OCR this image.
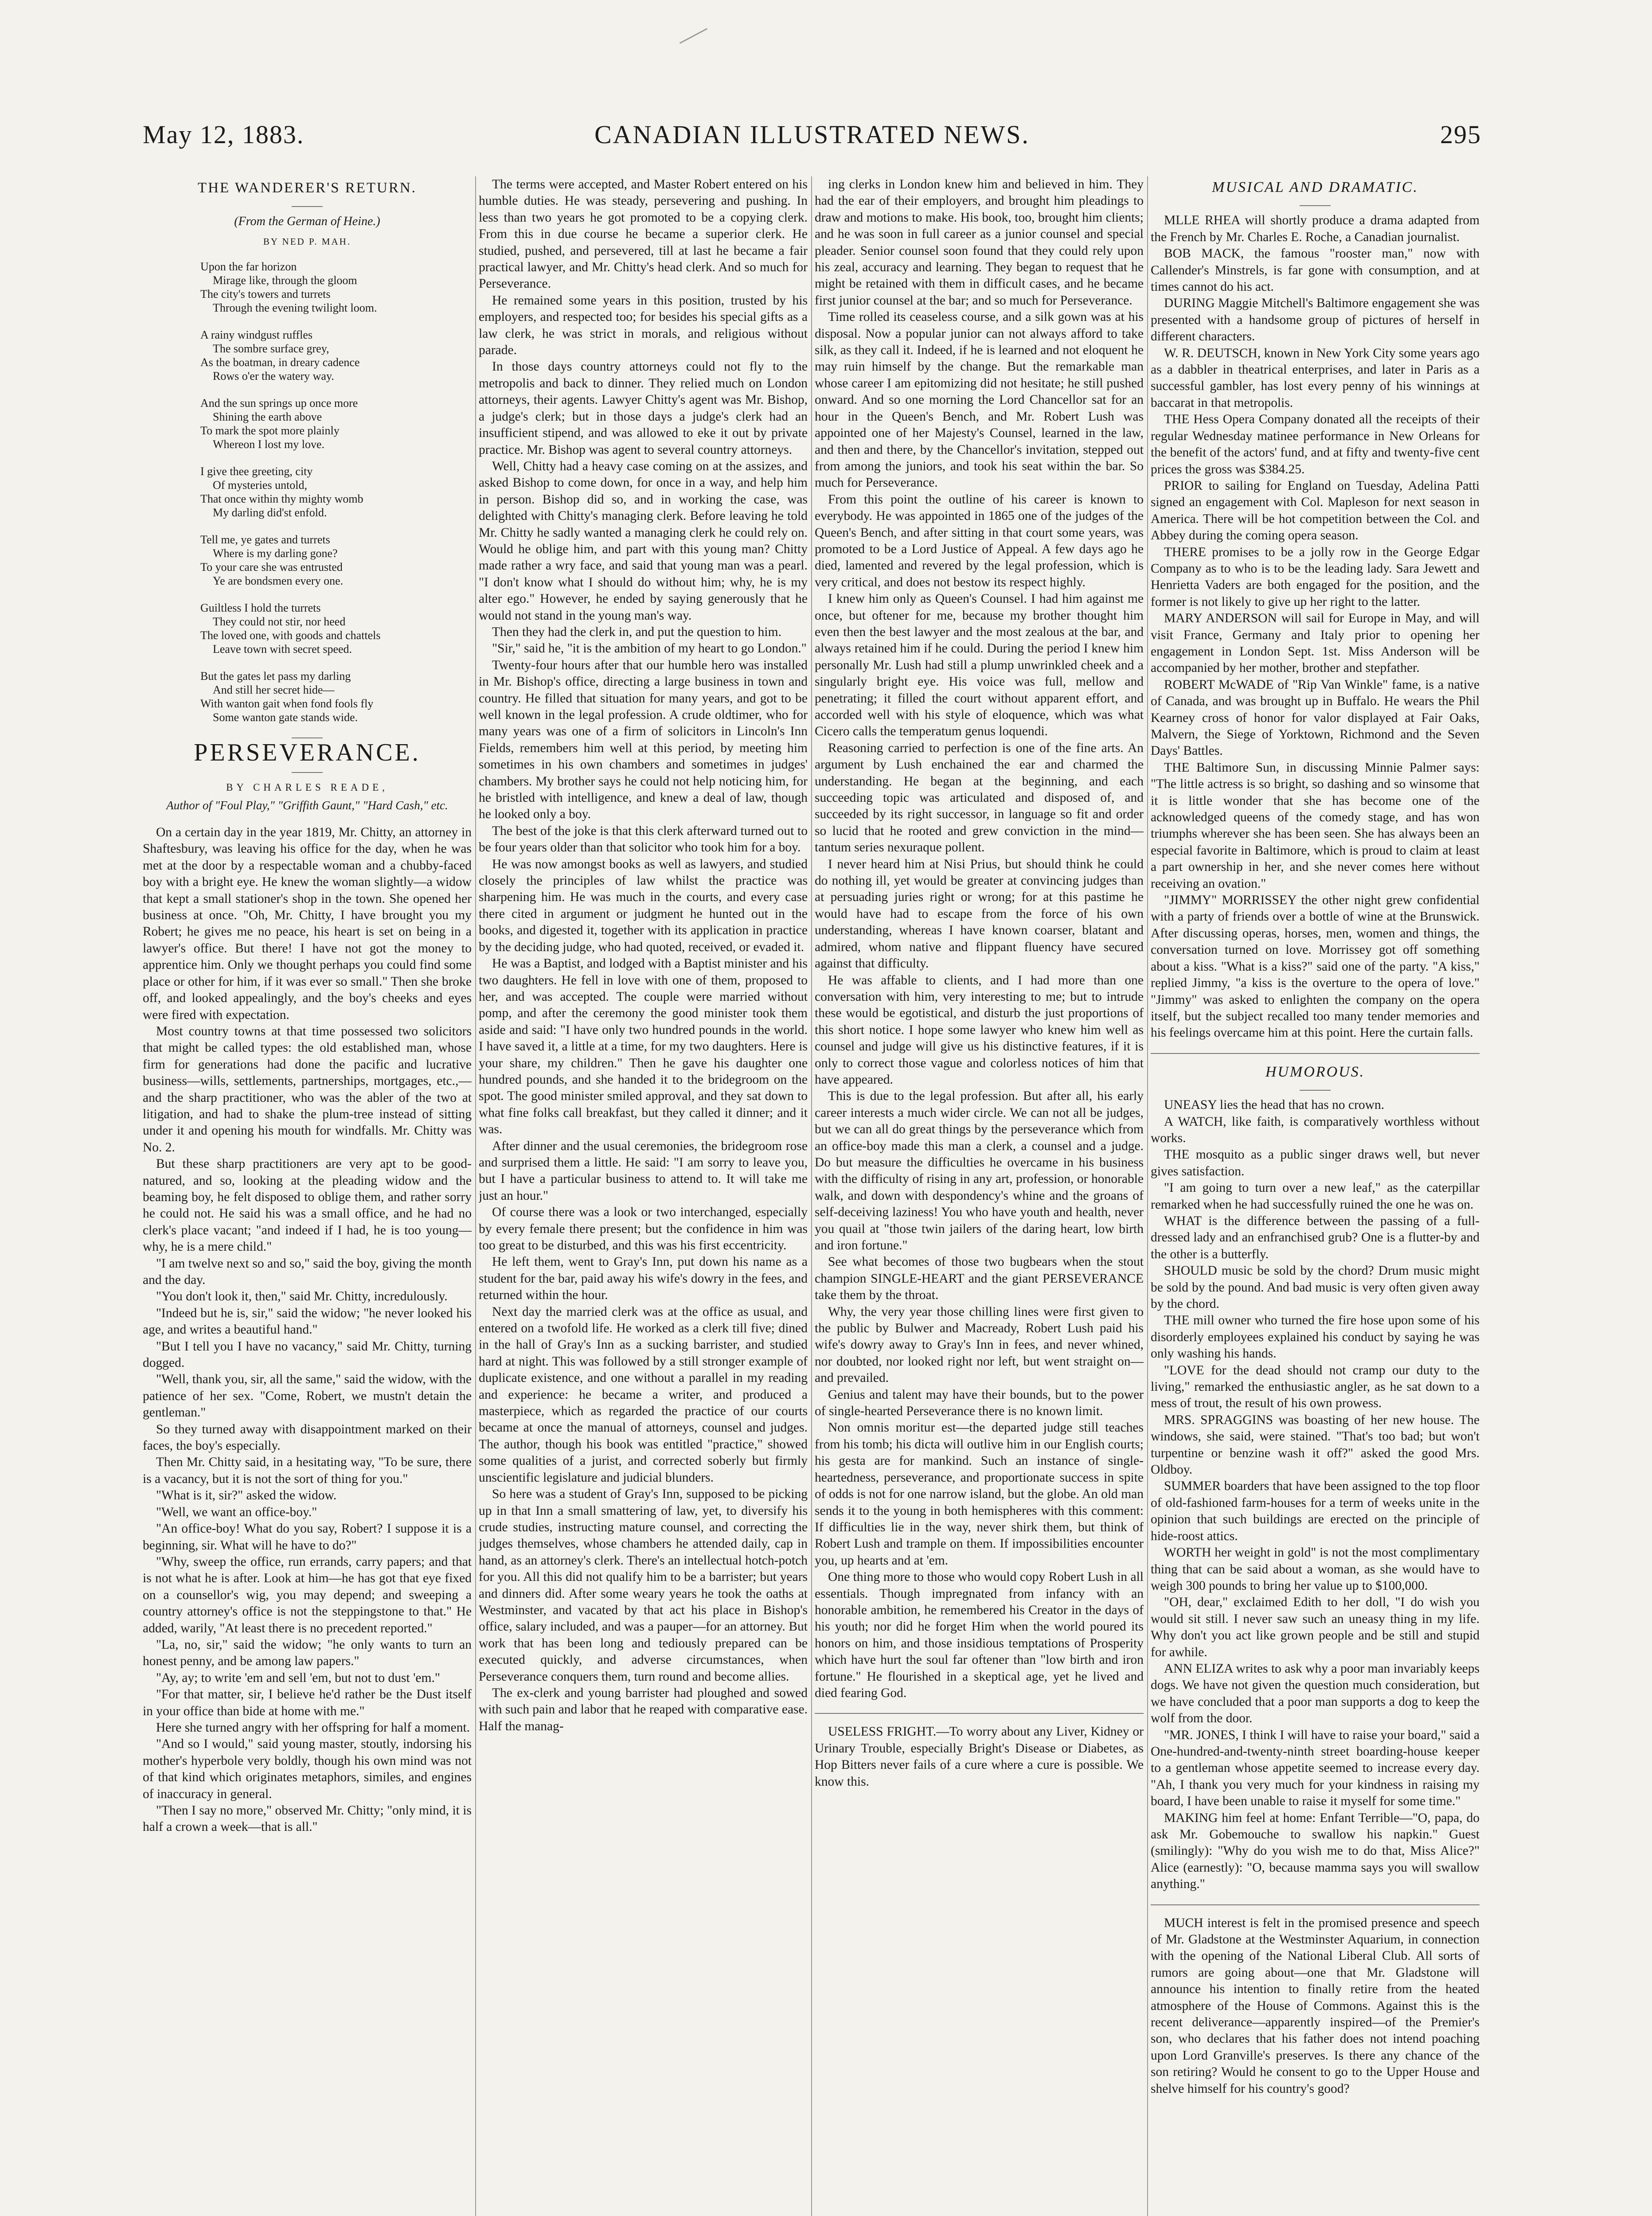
CANADIAN ILLUSTRATED NEWS.
May 12, 1883.	295
THE WANDERER'S RETURN.
(From the German of Heine.)
BY NED P. MAH.
Upon the far horizon
Mirage like, through the gloom
The city's towers and turrets
Through the evening twilight loom.
A rainy windgust ruffles
The sombre surface grey,
As the boatman, in dreary cadence
Rows o'er the watery way.
And the sun springs up once more
Shining the earth above
To mark the spot more plainly
Whereon I lost my love.
I give thee greeting, city
Of mysteries untold,
That once within thy mighty womb
My darling did'st enfold.
Tell me, ye gates and turrets
Where is my darling gone?
To your care she was entrusted
Ye are bondsmen every one.
Guiltless I hold the turrets
They could not stir, nor heed
The loved one, with goods and chattels
Leave town with secret speed.
But the gates let pass my darling
And still her secret hide—
With wanton gait when fond fools fly
Some wanton gate stands wide.
PERSEVERANCE.
BY CHARLES READE,
Author of "Foul Play," "Griffith Gaunt," "Hard Cash," etc.

On a certain day in the year 1819, Mr. Chitty, an attorney in Shaftesbury, was leaving his office for the day, when he was met at the door by a respectable woman and a chubby-faced boy with a bright eye. He knew the woman slightly—a widow that kept a small stationer's shop in the town. She opened her business at once. "Oh, Mr. Chitty, I have brought you my Robert; he gives me no peace, his heart is set on being in a lawyer's office. But there! I have not got the money to apprentice him. Only we thought perhaps you could find some place or other for him, if it was ever so small." Then she broke off, and looked appealingly, and the boy's cheeks and eyes were fired with expectation.

Most country towns at that time possessed two solicitors that might be called types: the old established man, whose firm for generations had done the pacific and lucrative business—wills, settlements, partnerships, mortgages, etc.,—and the sharp practitioner, who was the abler of the two at litigation, and had to shake the plum-tree instead of sitting under it and opening his mouth for windfalls. Mr. Chitty was No. 2.

But these sharp practitioners are very apt to be good-natured, and so, looking at the pleading widow and the beaming boy, he felt disposed to oblige them, and rather sorry he could not. He said his was a small office, and he had no clerk's place vacant; "and indeed if I had, he is too young—why, he is a mere child."

"I am twelve next so and so," said the boy, giving the month and the day.

"You don't look it, then," said Mr. Chitty, incredulously.

"Indeed but he is, sir," said the widow; "he never looked his age, and writes a beautiful hand."

"But I tell you I have no vacancy," said Mr. Chitty, turning dogged.

"Well, thank you, sir, all the same," said the widow, with the patience of her sex. "Come, Robert, we mustn't detain the gentleman."

So they turned away with disappointment marked on their faces, the boy's especially.

Then Mr. Chitty said, in a hesitating way, "To be sure, there is a vacancy, but it is not the sort of thing for you."

"What is it, sir?" asked the widow.

"Well, we want an office-boy."

"An office-boy! What do you say, Robert? I suppose it is a beginning, sir. What will he have to do?"

"Why, sweep the office, run errands, carry papers; and that is not what he is after. Look at him—he has got that eye fixed on a counsellor's wig, you may depend; and sweeping a country attorney's office is not the steppingstone to that." He added, warily, "At least there is no precedent reported."

"La, no, sir," said the widow; "he only wants to turn an honest penny, and be among law papers."

"Ay, ay; to write 'em and sell 'em, but not to dust 'em."

"For that matter, sir, I believe he'd rather be the Dust itself in your office than bide at home with me."

Here she turned angry with her offspring for half a moment.

"And so I would," said young master, stoutly, indorsing his mother's hyperbole very boldly, though his own mind was not of that kind which originates metaphors, similes, and engines of inaccuracy in general.

"Then I say no more," observed Mr. Chitty; "only mind, it is half a crown a week—that is all."

The terms were accepted, and Master Robert entered on his humble duties. He was steady, persevering and pushing. In less than two years he got promoted to be a copying clerk. From this in due course he became a superior clerk. He studied, pushed, and persevered, till at last he became a fair practical lawyer, and Mr. Chitty's head clerk. And so much for Perseverance.

He remained some years in this position, trusted by his employers, and respected too; for besides his special gifts as a law clerk, he was strict in morals, and religious without parade.

In those days country attorneys could not fly to the metropolis and back to dinner. They relied much on London attorneys, their agents. Lawyer Chitty's agent was Mr. Bishop, a judge's clerk; but in those days a judge's clerk had an insufficient stipend, and was allowed to eke it out by private practice. Mr. Bishop was agent to several country attorneys.

Well, Chitty had a heavy case coming on at the assizes, and asked Bishop to come down, for once in a way, and help him in person. Bishop did so, and in working the case, was delighted with Chitty's managing clerk. Before leaving he told Mr. Chitty he sadly wanted a managing clerk he could rely on. Would he oblige him, and part with this young man? Chitty made rather a wry face, and said that young man was a pearl. "I don't know what I should do without him; why, he is my alter ego." However, he ended by saying generously that he would not stand in the young man's way.

Then they had the clerk in, and put the question to him.

"Sir," said he, "it is the ambition of my heart to go London."

Twenty-four hours after that our humble hero was installed in Mr. Bishop's office, directing a large business in town and country. He filled that situation for many years, and got to be well known in the legal profession. A crude oldtimer, who for many years was one of a firm of solicitors in Lincoln's Inn Fields, remembers him well at this period, by meeting him sometimes in his own chambers and sometimes in judges' chambers. My brother says he could not help noticing him, for he bristled with intelligence, and knew a deal of law, though he looked only a boy.

The best of the joke is that this clerk afterward turned out to be four years older than that solicitor who took him for a boy.

He was now amongst books as well as lawyers, and studied closely the principles of law whilst the practice was sharpening him. He was much in the courts, and every case there cited in argument or judgment he hunted out in the books, and digested it, together with its application in practice by the deciding judge, who had quoted, received, or evaded it.

He was a Baptist, and lodged with a Baptist minister and his two daughters. He fell in love with one of them, proposed to her, and was accepted. The couple were married without pomp, and after the ceremony the good minister took them aside and said: "I have only two hundred pounds in the world. I have saved it, a little at a time, for my two daughters. Here is your share, my children." Then he gave his daughter one hundred pounds, and she handed it to the bridegroom on the spot. The good minister smiled approval, and they sat down to what fine folks call breakfast, but they called it dinner; and it was.

After dinner and the usual ceremonies, the bridegroom rose and surprised them a little. He said: "I am sorry to leave you, but I have a particular business to attend to. It will take me just an hour."

Of course there was a look or two interchanged, especially by every female there present; but the confidence in him was too great to be disturbed, and this was his first eccentricity.

He left them, went to Gray's Inn, put down his name as a student for the bar, paid away his wife's dowry in the fees, and returned within the hour.

Next day the married clerk was at the office as usual, and entered on a twofold life. He worked as a clerk till five; dined in the hall of Gray's Inn as a sucking barrister, and studied hard at night. This was followed by a still stronger example of duplicate existence, and one without a parallel in my reading and experience: he became a writer, and produced a masterpiece, which as regarded the practice of our courts became at once the manual of attorneys, counsel and judges. The author, though his book was entitled "practice," showed some qualities of a jurist, and corrected soberly but firmly unscientific legislature and judicial blunders.

So here was a student of Gray's Inn, supposed to be picking up in that Inn a small smattering of law, yet, to diversify his crude studies, instructing mature counsel, and correcting the judges themselves, whose chambers he attended daily, cap in hand, as an attorney's clerk. There's an intellectual hotch-potch for you. All this did not qualify him to be a barrister; but years and dinners did. After some weary years he took the oaths at Westminster, and vacated by that act his place in Bishop's office, salary included, and was a pauper—for an attorney. But work that has been long and tediously prepared can be executed quickly, and adverse circumstances, when Perseverance conquers them, turn round and become allies.

The ex-clerk and young barrister had ploughed and sowed with such pain and labor that he reaped with comparative ease. Half the manag-

ing clerks in London knew him and believed in him. They had the ear of their employers, and brought him pleadings to draw and motions to make. His book, too, brought him clients; and he was soon in full career as a junior counsel and special pleader. Senior counsel soon found that they could rely upon his zeal, accuracy and learning. They began to request that he might be retained with them in difficult cases, and he became first junior counsel at the bar; and so much for Perseverance.

Time rolled its ceaseless course, and a silk gown was at his disposal. Now a popular junior can not always afford to take silk, as they call it. Indeed, if he is learned and not eloquent he may ruin himself by the change. But the remarkable man whose career I am epitomizing did not hesitate; he still pushed onward. And so one morning the Lord Chancellor sat for an hour in the Queen's Bench, and Mr. Robert Lush was appointed one of her Majesty's Counsel, learned in the law, and then and there, by the Chancellor's invitation, stepped out from among the juniors, and took his seat within the bar. So much for Perseverance.

From this point the outline of his career is known to everybody. He was appointed in 1865 one of the judges of the Queen's Bench, and after sitting in that court some years, was promoted to be a Lord Justice of Appeal. A few days ago he died, lamented and revered by the legal profession, which is very critical, and does not bestow its respect highly.

I knew him only as Queen's Counsel. I had him against me once, but oftener for me, because my brother thought him even then the best lawyer and the most zealous at the bar, and always retained him if he could. During the period I knew him personally Mr. Lush had still a plump unwrinkled cheek and a singularly bright eye. His voice was full, mellow and penetrating; it filled the court without apparent effort, and accorded well with his style of eloquence, which was what Cicero calls the temperatum genus loquendi.

Reasoning carried to perfection is one of the fine arts. An argument by Lush enchained the ear and charmed the understanding. He began at the beginning, and each succeeding topic was articulated and disposed of, and succeeded by its right successor, in language so fit and order so lucid that he rooted and grew conviction in the mind—tantum series nexuraque pollent.

I never heard him at Nisi Prius, but should think he could do nothing ill, yet would be greater at convincing judges than at persuading juries right or wrong; for at this pastime he would have had to escape from the force of his own understanding, whereas I have known coarser, blatant and admired, whom native and flippant fluency have secured against that difficulty.

He was affable to clients, and I had more than one conversation with him, very interesting to me; but to intrude these would be egotistical, and disturb the just proportions of this short notice. I hope some lawyer who knew him well as counsel and judge will give us his distinctive features, if it is only to correct those vague and colorless notices of him that have appeared.

This is due to the legal profession. But after all, his early career interests a much wider circle. We can not all be judges, but we can all do great things by the perseverance which from an office-boy made this man a clerk, a counsel and a judge. Do but measure the difficulties he overcame in his business with the difficulty of rising in any art, profession, or honorable walk, and down with despondency's whine and the groans of self-deceiving laziness! You who have youth and health, never you quail at "those twin jailers of the daring heart, low birth and iron fortune."

See what becomes of those two bugbears when the stout champion SINGLE-HEART and the giant PERSEVERANCE take them by the throat.

Why, the very year those chilling lines were first given to the public by Bulwer and Macready, Robert Lush paid his wife's dowry away to Gray's Inn in fees, and never whined, nor doubted, nor looked right nor left, but went straight on—and prevailed.

Genius and talent may have their bounds, but to the power of single-hearted Perseverance there is no known limit.

Non omnis moritur est—the departed judge still teaches from his tomb; his dicta will outlive him in our English courts; his gesta are for mankind. Such an instance of single-heartedness, perseverance, and proportionate success in spite of odds is not for one narrow island, but the globe. An old man sends it to the young in both hemispheres with this comment: If difficulties lie in the way, never shirk them, but think of Robert Lush and trample on them. If impossibilities encounter you, up hearts and at 'em.

One thing more to those who would copy Robert Lush in all essentials. Though impregnated from infancy with an honorable ambition, he remembered his Creator in the days of his youth; nor did he forget Him when the world poured its honors on him, and those insidious temptations of Prosperity which have hurt the soul far oftener than "low birth and iron fortune." He flourished in a skeptical age, yet he lived and died fearing God.

USELESS FRIGHT.—To worry about any Liver, Kidney or Urinary Trouble, especially Bright's Disease or Diabetes, as Hop Bitters never fails of a cure where a cure is possible. We know this.

MUSICAL AND DRAMATIC.

MLLE RHEA will shortly produce a drama adapted from the French by Mr. Charles E. Roche, a Canadian journalist.

BOB MACK, the famous "rooster man," now with Callender's Minstrels, is far gone with consumption, and at times cannot do his act.

DURING Maggie Mitchell's Baltimore engagement she was presented with a handsome group of pictures of herself in different characters.

W. R. DEUTSCH, known in New York City some years ago as a dabbler in theatrical enterprises, and later in Paris as a successful gambler, has lost every penny of his winnings at baccarat in that metropolis.

THE Hess Opera Company donated all the receipts of their regular Wednesday matinee performance in New Orleans for the benefit of the actors' fund, and at fifty and twenty-five cent prices the gross was $384.25.

PRIOR to sailing for England on Tuesday, Adelina Patti signed an engagement with Col. Mapleson for next season in America. There will be hot competition between the Col. and Abbey during the coming opera season.

THERE promises to be a jolly row in the George Edgar Company as to who is to be the leading lady. Sara Jewett and Henrietta Vaders are both engaged for the position, and the former is not likely to give up her right to the latter.

MARY ANDERSON will sail for Europe in May, and will visit France, Germany and Italy prior to opening her engagement in London Sept. 1st. Miss Anderson will be accompanied by her mother, brother and stepfather.

ROBERT McWADE of "Rip Van Winkle" fame, is a native of Canada, and was brought up in Buffalo. He wears the Phil Kearney cross of honor for valor displayed at Fair Oaks, Malvern, the Siege of Yorktown, Richmond and the Seven Days' Battles.

THE Baltimore Sun, in discussing Minnie Palmer says: "The little actress is so bright, so dashing and so winsome that it is little wonder that she has become one of the acknowledged queens of the comedy stage, and has won triumphs wherever she has been seen. She has always been an especial favorite in Baltimore, which is proud to claim at least a part ownership in her, and she never comes here without receiving an ovation."

"JIMMY" MORRISSEY the other night grew confidential with a party of friends over a bottle of wine at the Brunswick. After discussing operas, horses, men, women and things, the conversation turned on love. Morrissey got off something about a kiss. "What is a kiss?" said one of the party. "A kiss," replied Jimmy, "a kiss is the overture to the opera of love." "Jimmy" was asked to enlighten the company on the opera itself, but the subject recalled too many tender memories and his feelings overcame him at this point. Here the curtain falls.

HUMOROUS.

UNEASY lies the head that has no crown.

A WATCH, like faith, is comparatively worthless without works.

THE mosquito as a public singer draws well, but never gives satisfaction.

"I am going to turn over a new leaf," as the caterpillar remarked when he had successfully ruined the one he was on.

WHAT is the difference between the passing of a full-dressed lady and an enfranchised grub? One is a flutter-by and the other is a butterfly.

SHOULD music be sold by the chord? Drum music might be sold by the pound. And bad music is very often given away by the chord.

THE mill owner who turned the fire hose upon some of his disorderly employees explained his conduct by saying he was only washing his hands.

"LOVE for the dead should not cramp our duty to the living," remarked the enthusiastic angler, as he sat down to a mess of trout, the result of his own prowess.

MRS. SPRAGGINS was boasting of her new house. The windows, she said, were stained. "That's too bad; but won't turpentine or benzine wash it off?" asked the good Mrs. Oldboy.

SUMMER boarders that have been assigned to the top floor of old-fashioned farm-houses for a term of weeks unite in the opinion that such buildings are erected on the principle of hide-roost attics.

WORTH her weight in gold" is not the most complimentary thing that can be said about a woman, as she would have to weigh 300 pounds to bring her value up to $100,000.

"OH, dear," exclaimed Edith to her doll, "I do wish you would sit still. I never saw such an uneasy thing in my life. Why don't you act like grown people and be still and stupid for awhile.

ANN ELIZA writes to ask why a poor man invariably keeps dogs. We have not given the question much consideration, but we have concluded that a poor man supports a dog to keep the wolf from the door.

"MR. JONES, I think I will have to raise your board," said a One-hundred-and-twenty-ninth street boarding-house keeper to a gentleman whose appetite seemed to increase every day. "Ah, I thank you very much for your kindness in raising my board, I have been unable to raise it myself for some time."

MAKING him feel at home: Enfant Terrible—"O, papa, do ask Mr. Gobemouche to swallow his napkin." Guest (smilingly): "Why do you wish me to do that, Miss Alice?" Alice (earnestly): "O, because mamma says you will swallow anything."

MUCH interest is felt in the promised presence and speech of Mr. Gladstone at the Westminster Aquarium, in connection with the opening of the National Liberal Club. All sorts of rumors are going about—one that Mr. Gladstone will announce his intention to finally retire from the heated atmosphere of the House of Commons. Against this is the recent deliverance—apparently inspired—of the Premier's son, who declares that his father does not intend poaching upon Lord Granville's preserves. Is there any chance of the son retiring? Would he consent to go to the Upper House and shelve himself for his country's good?
